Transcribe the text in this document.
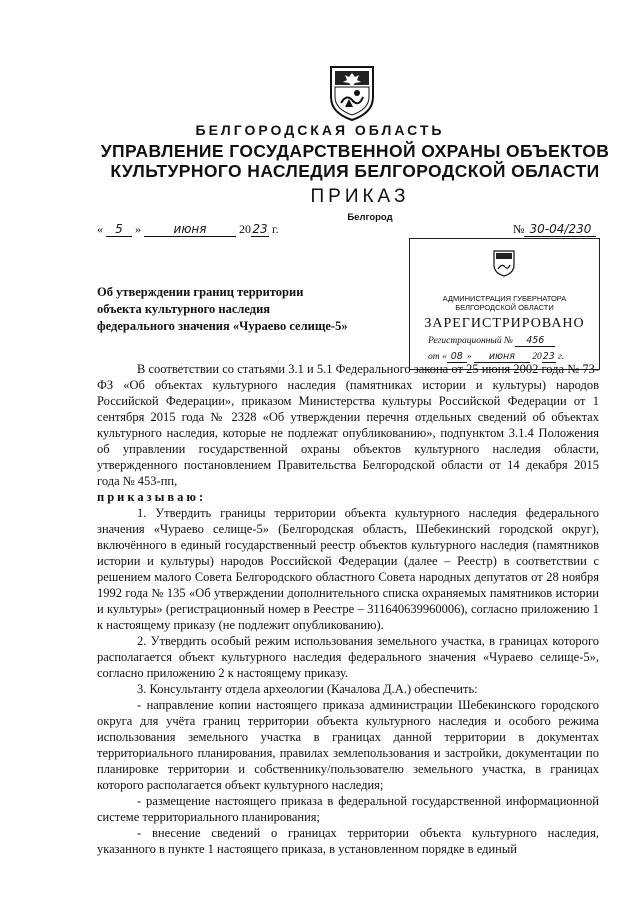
БЕЛГОРОДСКАЯ ОБЛАСТЬ
УПРАВЛЕНИЕ ГОСУДАРСТВЕННОЙ ОХРАНЫ ОБЪЕКТОВ
КУЛЬТУРНОГО НАСЛЕДИЯ БЕЛГОРОДСКОЙ ОБЛАСТИ
ПРИКАЗ
Белгород
« 5 »	июня	2023 г.	№ 30-04/230
Об утверждении границ территории
объекта культурного наследия
федерального значения «Чураево селище-5»
АДМИНИСТРАЦИЯ ГУБЕРНАТОРА
БЕЛГОРОДСКОЙ ОБЛАСТИ
ЗАРЕГИСТРИРОВАНО
Регистрационный № 456
от « 08 » июня 2023 г.

В соответствии со статьями 3.1 и 5.1 Федерального закона от 25 июня 2002 года № 73-ФЗ «Об объектах культурного наследия (памятниках истории и культуры) народов Российской Федерации», приказом Министерства культуры Российской Федерации от 1 сентября 2015 года № 2328 «Об утверждении перечня отдельных сведений об объектах культурного наследия, которые не подлежат опубликованию», подпунктом 3.1.4 Положения об управлении государственной охраны объектов культурного наследия области, утвержденного постановлением Правительства Белгородской области от 14 декабря 2015 года № 453-пп,

приказываю:

1. Утвердить границы территории объекта культурного наследия федерального значения «Чураево селище-5» (Белгородская область, Шебекинский городской округ), включённого в единый государственный реестр объектов культурного наследия (памятников истории и культуры) народов Российской Федерации (далее – Реестр) в соответствии с решением малого Совета Белгородского областного Совета народных депутатов от 28 ноября 1992 года № 135 «Об утверждении дополнительного списка охраняемых памятников истории и культуры» (регистрационный номер в Реестре – 311640639960006), согласно приложению 1 к настоящему приказу (не подлежит опубликованию).

2. Утвердить особый режим использования земельного участка, в границах которого располагается объект культурного наследия федерального значения «Чураево селище-5», согласно приложению 2 к настоящему приказу.

3. Консультанту отдела археологии (Качалова Д.А.) обеспечить:

- направление копии настоящего приказа администрации Шебекинского городского округа для учёта границ территории объекта культурного наследия и особого режима использования земельного участка в границах данной территории в документах территориального планирования, правилах землепользования и застройки, документации по планировке территории и собственнику/пользователю земельного участка, в границах которого располагается объект культурного наследия;

- размещение настоящего приказа в федеральной государственной информационной системе территориального планирования;

- внесение сведений о границах территории объекта культурного наследия, указанного в пункте 1 настоящего приказа, в установленном порядке в единый
